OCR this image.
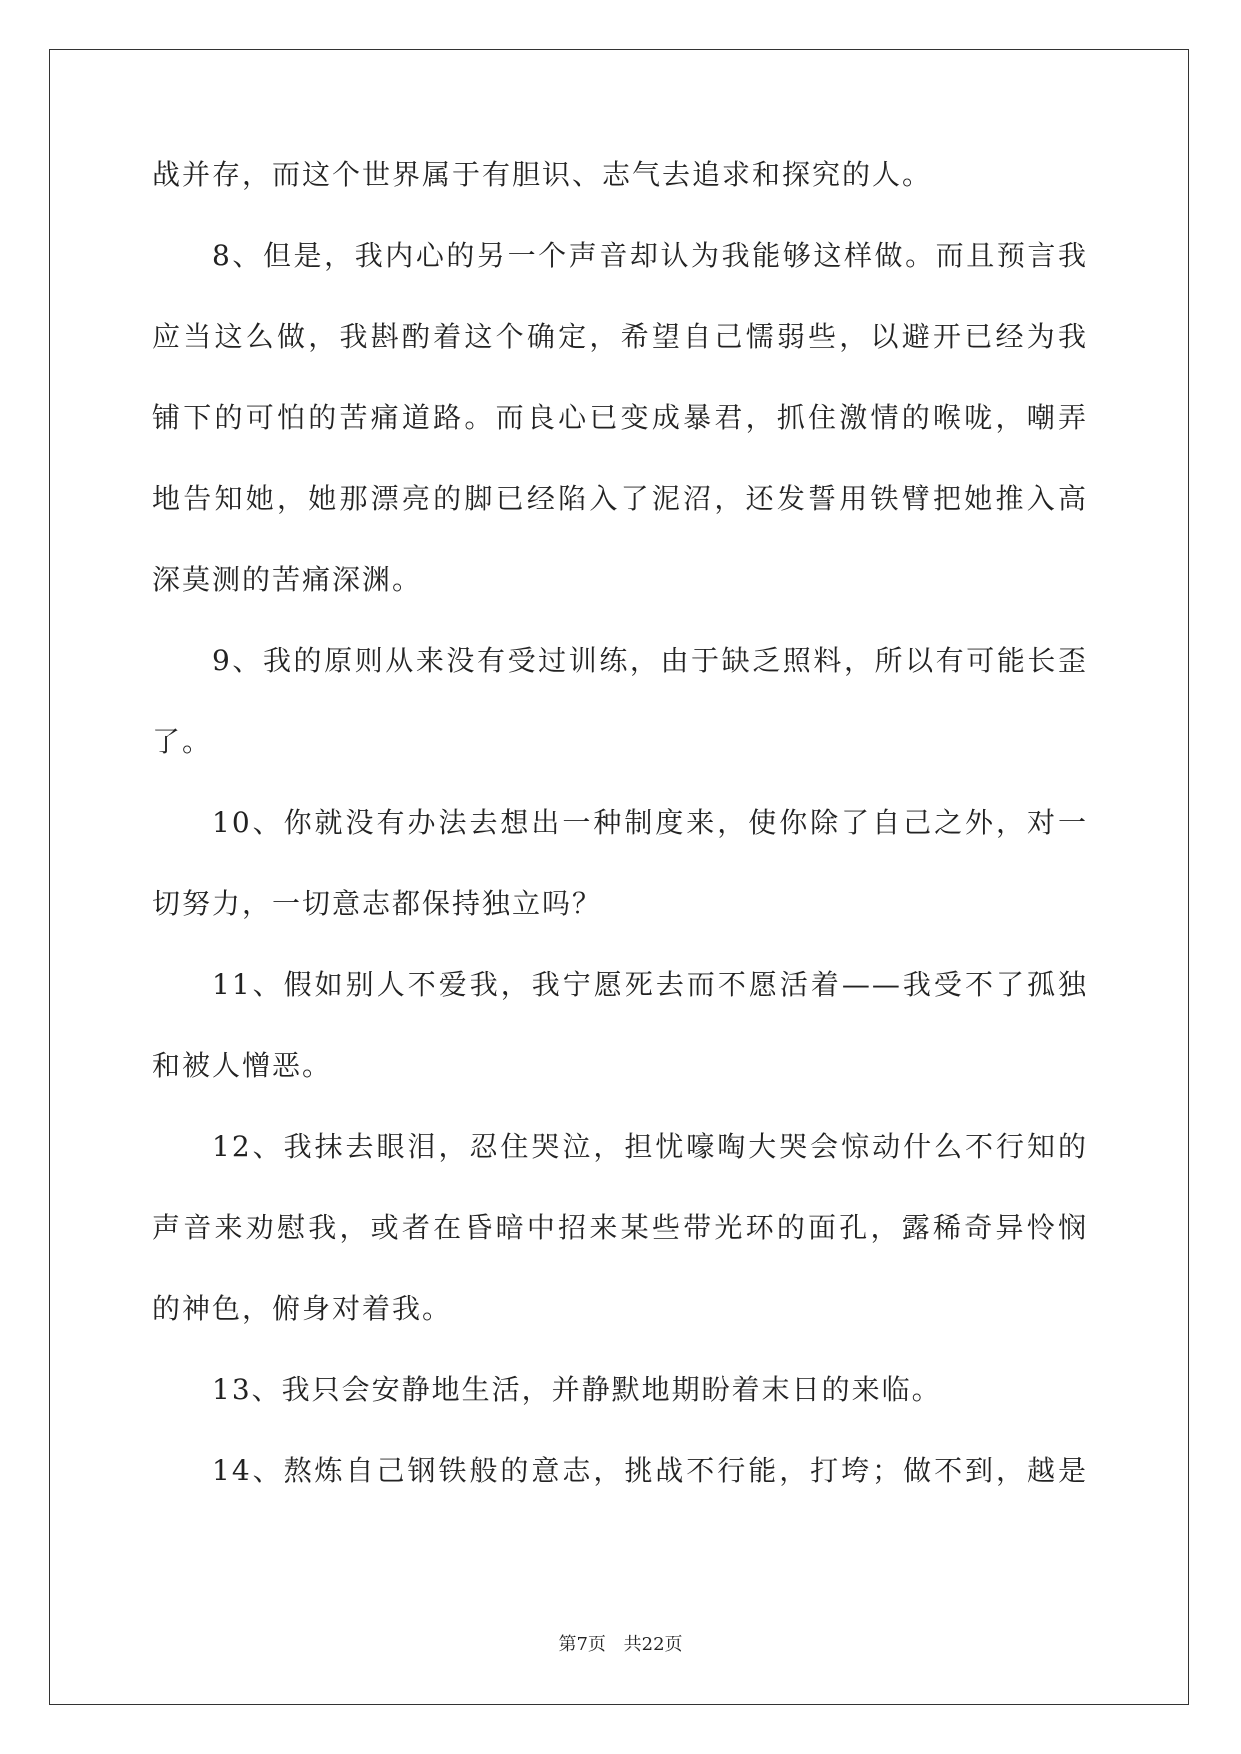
战并存，而这个世界属于有胆识、志气去追求和探究的人。
8、但是，我内心的另一个声音却认为我能够这样做。而且预言我
应当这么做，我斟酌着这个确定，希望自己懦弱些，以避开已经为我
铺下的可怕的苦痛道路。而良心已变成暴君，抓住激情的喉咙，嘲弄
地告知她，她那漂亮的脚已经陷入了泥沼，还发誓用铁臂把她推入高
深莫测的苦痛深渊。
9、我的原则从来没有受过训练，由于缺乏照料，所以有可能长歪
了。
10、你就没有办法去想出一种制度来，使你除了自己之外，对一
切努力，一切意志都保持独立吗？
11、假如别人不爱我，我宁愿死去而不愿活着——我受不了孤独
和被人憎恶。
12、我抹去眼泪，忍住哭泣，担忧嚎啕大哭会惊动什么不行知的
声音来劝慰我，或者在昏暗中招来某些带光环的面孔，露稀奇异怜悯
的神色，俯身对着我。
13、我只会安静地生活，并静默地期盼着末日的来临。
14、熬炼自己钢铁般的意志，挑战不行能，打垮；做不到，越是
第7页 共22页
